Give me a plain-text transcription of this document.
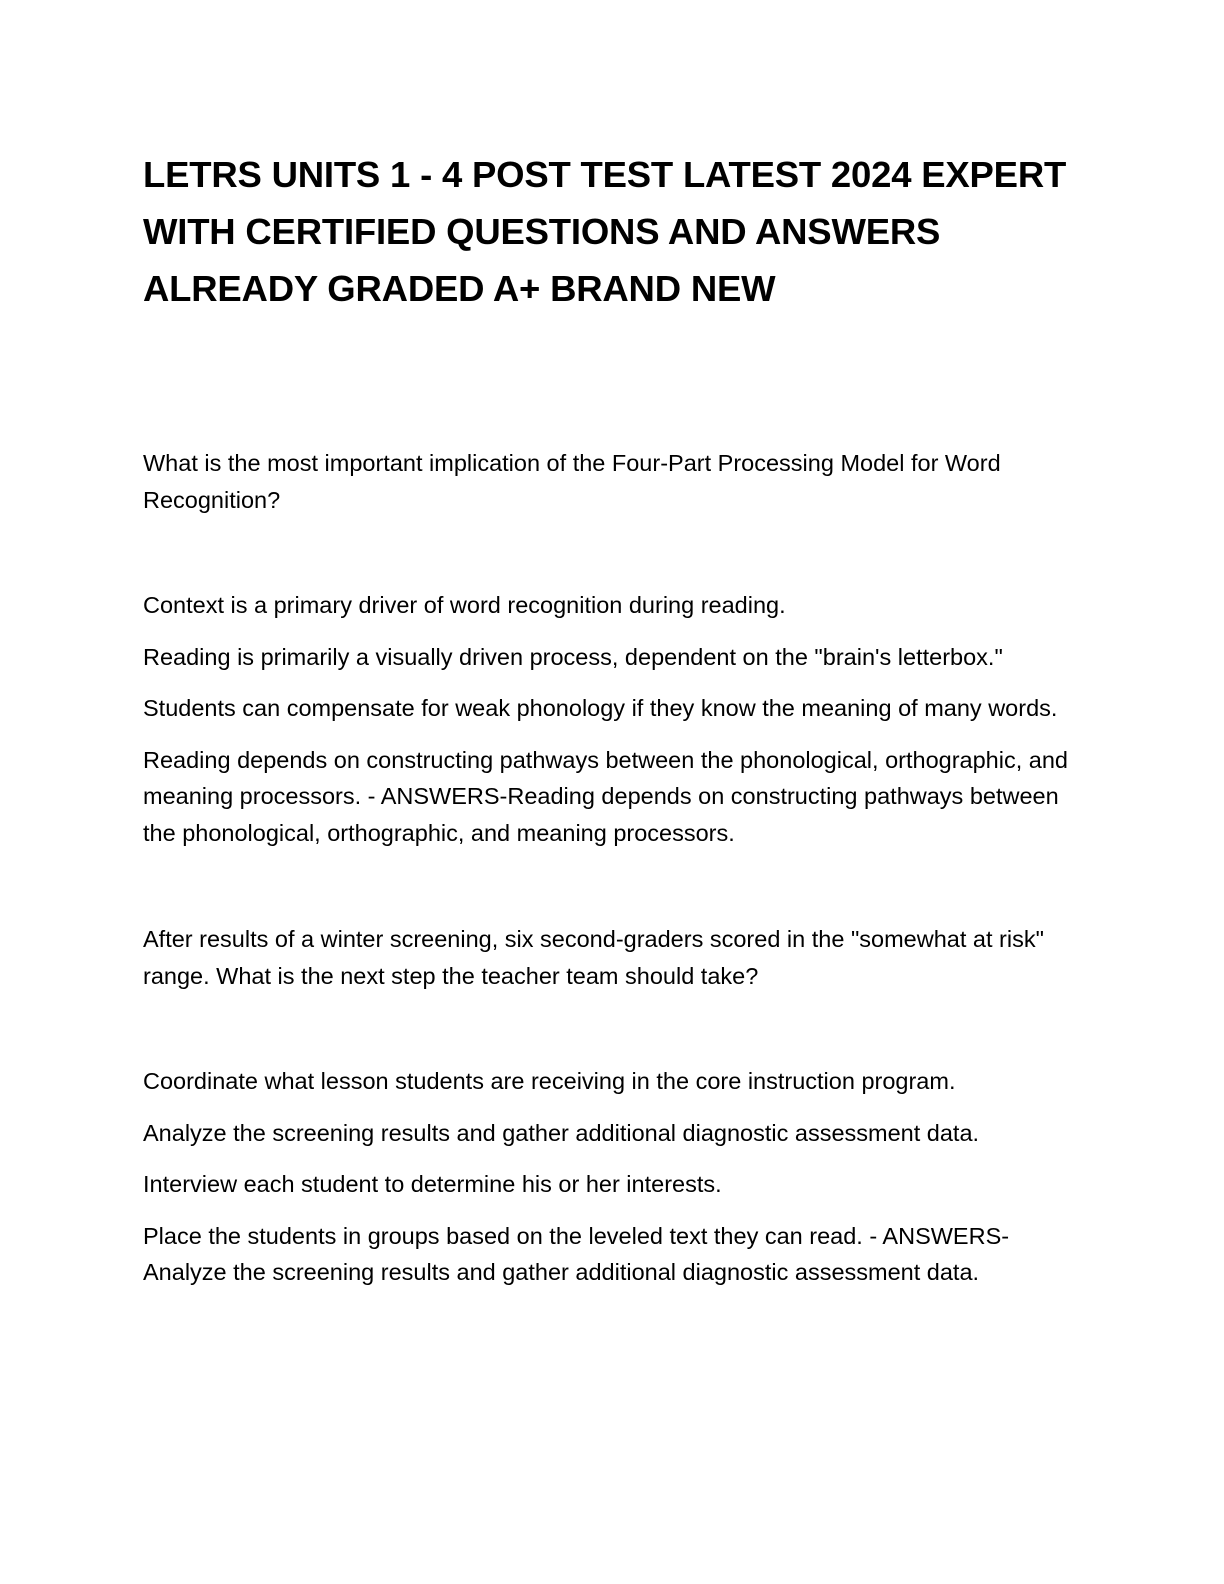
LETRS UNITS 1 - 4 POST TEST LATEST 2024 EXPERT WITH CERTIFIED QUESTIONS AND ANSWERS ALREADY GRADED A+ BRAND NEW

What is the most important implication of the Four-Part Processing Model for Word Recognition?

Context is a primary driver of word recognition during reading.

Reading is primarily a visually driven process, dependent on the "brain's letterbox."

Students can compensate for weak phonology if they know the meaning of many words.

Reading depends on constructing pathways between the phonological, orthographic, and meaning processors. - ANSWERS-Reading depends on constructing pathways between the phonological, orthographic, and meaning processors.

After results of a winter screening, six second-graders scored in the "somewhat at risk" range. What is the next step the teacher team should take?

Coordinate what lesson students are receiving in the core instruction program.

Analyze the screening results and gather additional diagnostic assessment data.

Interview each student to determine his or her interests.

Place the students in groups based on the leveled text they can read. - ANSWERS-Analyze the screening results and gather additional diagnostic assessment data.
